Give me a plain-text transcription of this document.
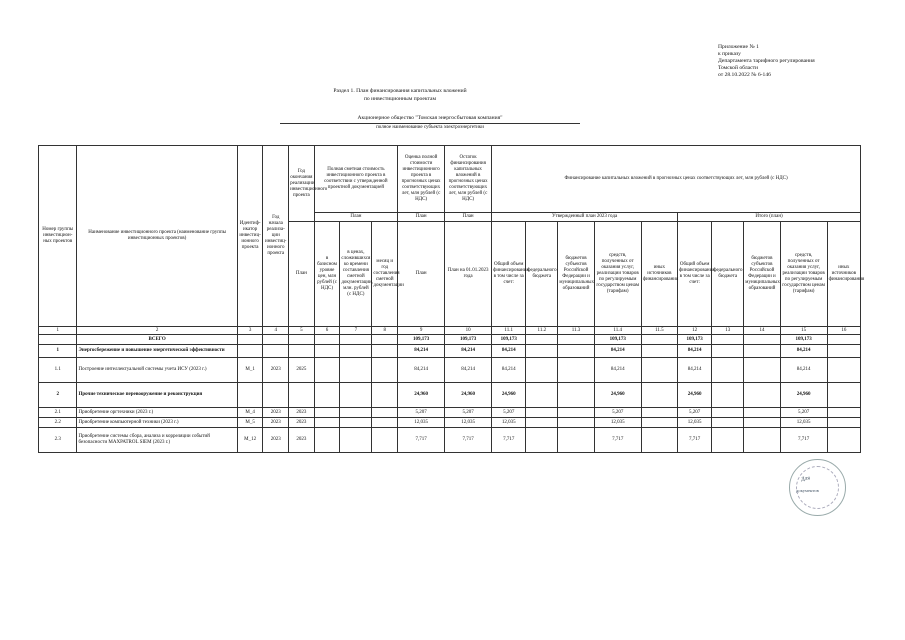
Приложение № 1
к приказу
Департамента тарифного регулирования
Томской области
от 28.10.2022 № 6-146
Раздел 1. План финансирования капитальных вложений
по инвестиционным проектам
Акционерное общество "Томская энергосбытовая компания"
полное наименование субъекта электроэнергетики
Номер группы инвестицион-ных проектов	Наименование инвестиционного проекта (наименование группы инвестиционных проектов)	Идентиф-икатор инвестиц-ионного проекта	Год начала реализа-ции инвестиц-ионного проекта	Год окончания реализации инвестиционного проекта	Полная сметная стоимость инвестиционного проекта в соответствии с утвержденной проектной документацией			Оценка полной стоимости инвестиционного проекта в прогнозных ценах соответствующих лет, млн рублей (с НДС)	Остаток финансирования капитальных вложений в прогнозных ценах соответствующих лет, млн рублей (с НДС)	Финансирование капитальных вложений в прогнозных ценах соответствующих лет, млн рублей (с НДС)									
					План			План	План	Утвержденный план 2023 года					Итого (план)				
				План	в базисном уровне цен, млн рублей (с НДС)	в ценах, сложившихся ко времени составления сметной документации, млн. рублей (с НДС)	месяц и год составления сметной документации	План	План на 01.01.2023 года	Общий объем финансирования, в том числе за счет:	федерального бюджета	бюджетов субъектов Российской Федерации и муниципальных образований	средств, полученных от оказания услуг, реализации товаров по регулируемым государством ценам (тарифам)	иных источников финансирования	Общий объем финансирования, в том числе за счет:	федерального бюджета	бюджетов субъектов Российской Федерации и муниципальных образований	средств, полученных от оказания услуг, реализации товаров по регулируемым государством ценам (тарифам)	иных источников финансирования
1	2	3	4	5	6	7	8	9	10	11.1	11.2	11.3	11.4	11.5	12	13	14	15	16
	ВСЕГО							109,173	109,173	109,173			109,173		109,173			109,173	
1	Энергосбережение и повышение энергетической эффективности							84,214	84,214	84,214			84,214		84,214			84,214	
1.1	Построение интеллектуальной системы учета ИСУ (2023 г.)	M_1	2023	2025				84,214	84,214	84,214			84,214		84,214			84,214	
2	Прочие техническое перевооружение и реконструкция							24,960	24,960	24,960			24,960		24,960			24,960	
2.1	Приобретение оргтехники (2023 г.)	M_4	2023	2023				5,207	5,207	5,207			5,207		5,207			5,207	
2.2	Приобретение компьютерной техники (2023 г.)	M_5	2023	2023				12,035	12,035	12,035			12,035		12,035			12,035	
2.3	Приобретение системы сбора, анализа и корреляции событий безопасности MAXPATROL SIEM (2023 г.)	M_12	2023	2023				7,717	7,717	7,717			7,717		7,717			7,717	
Для
документов
